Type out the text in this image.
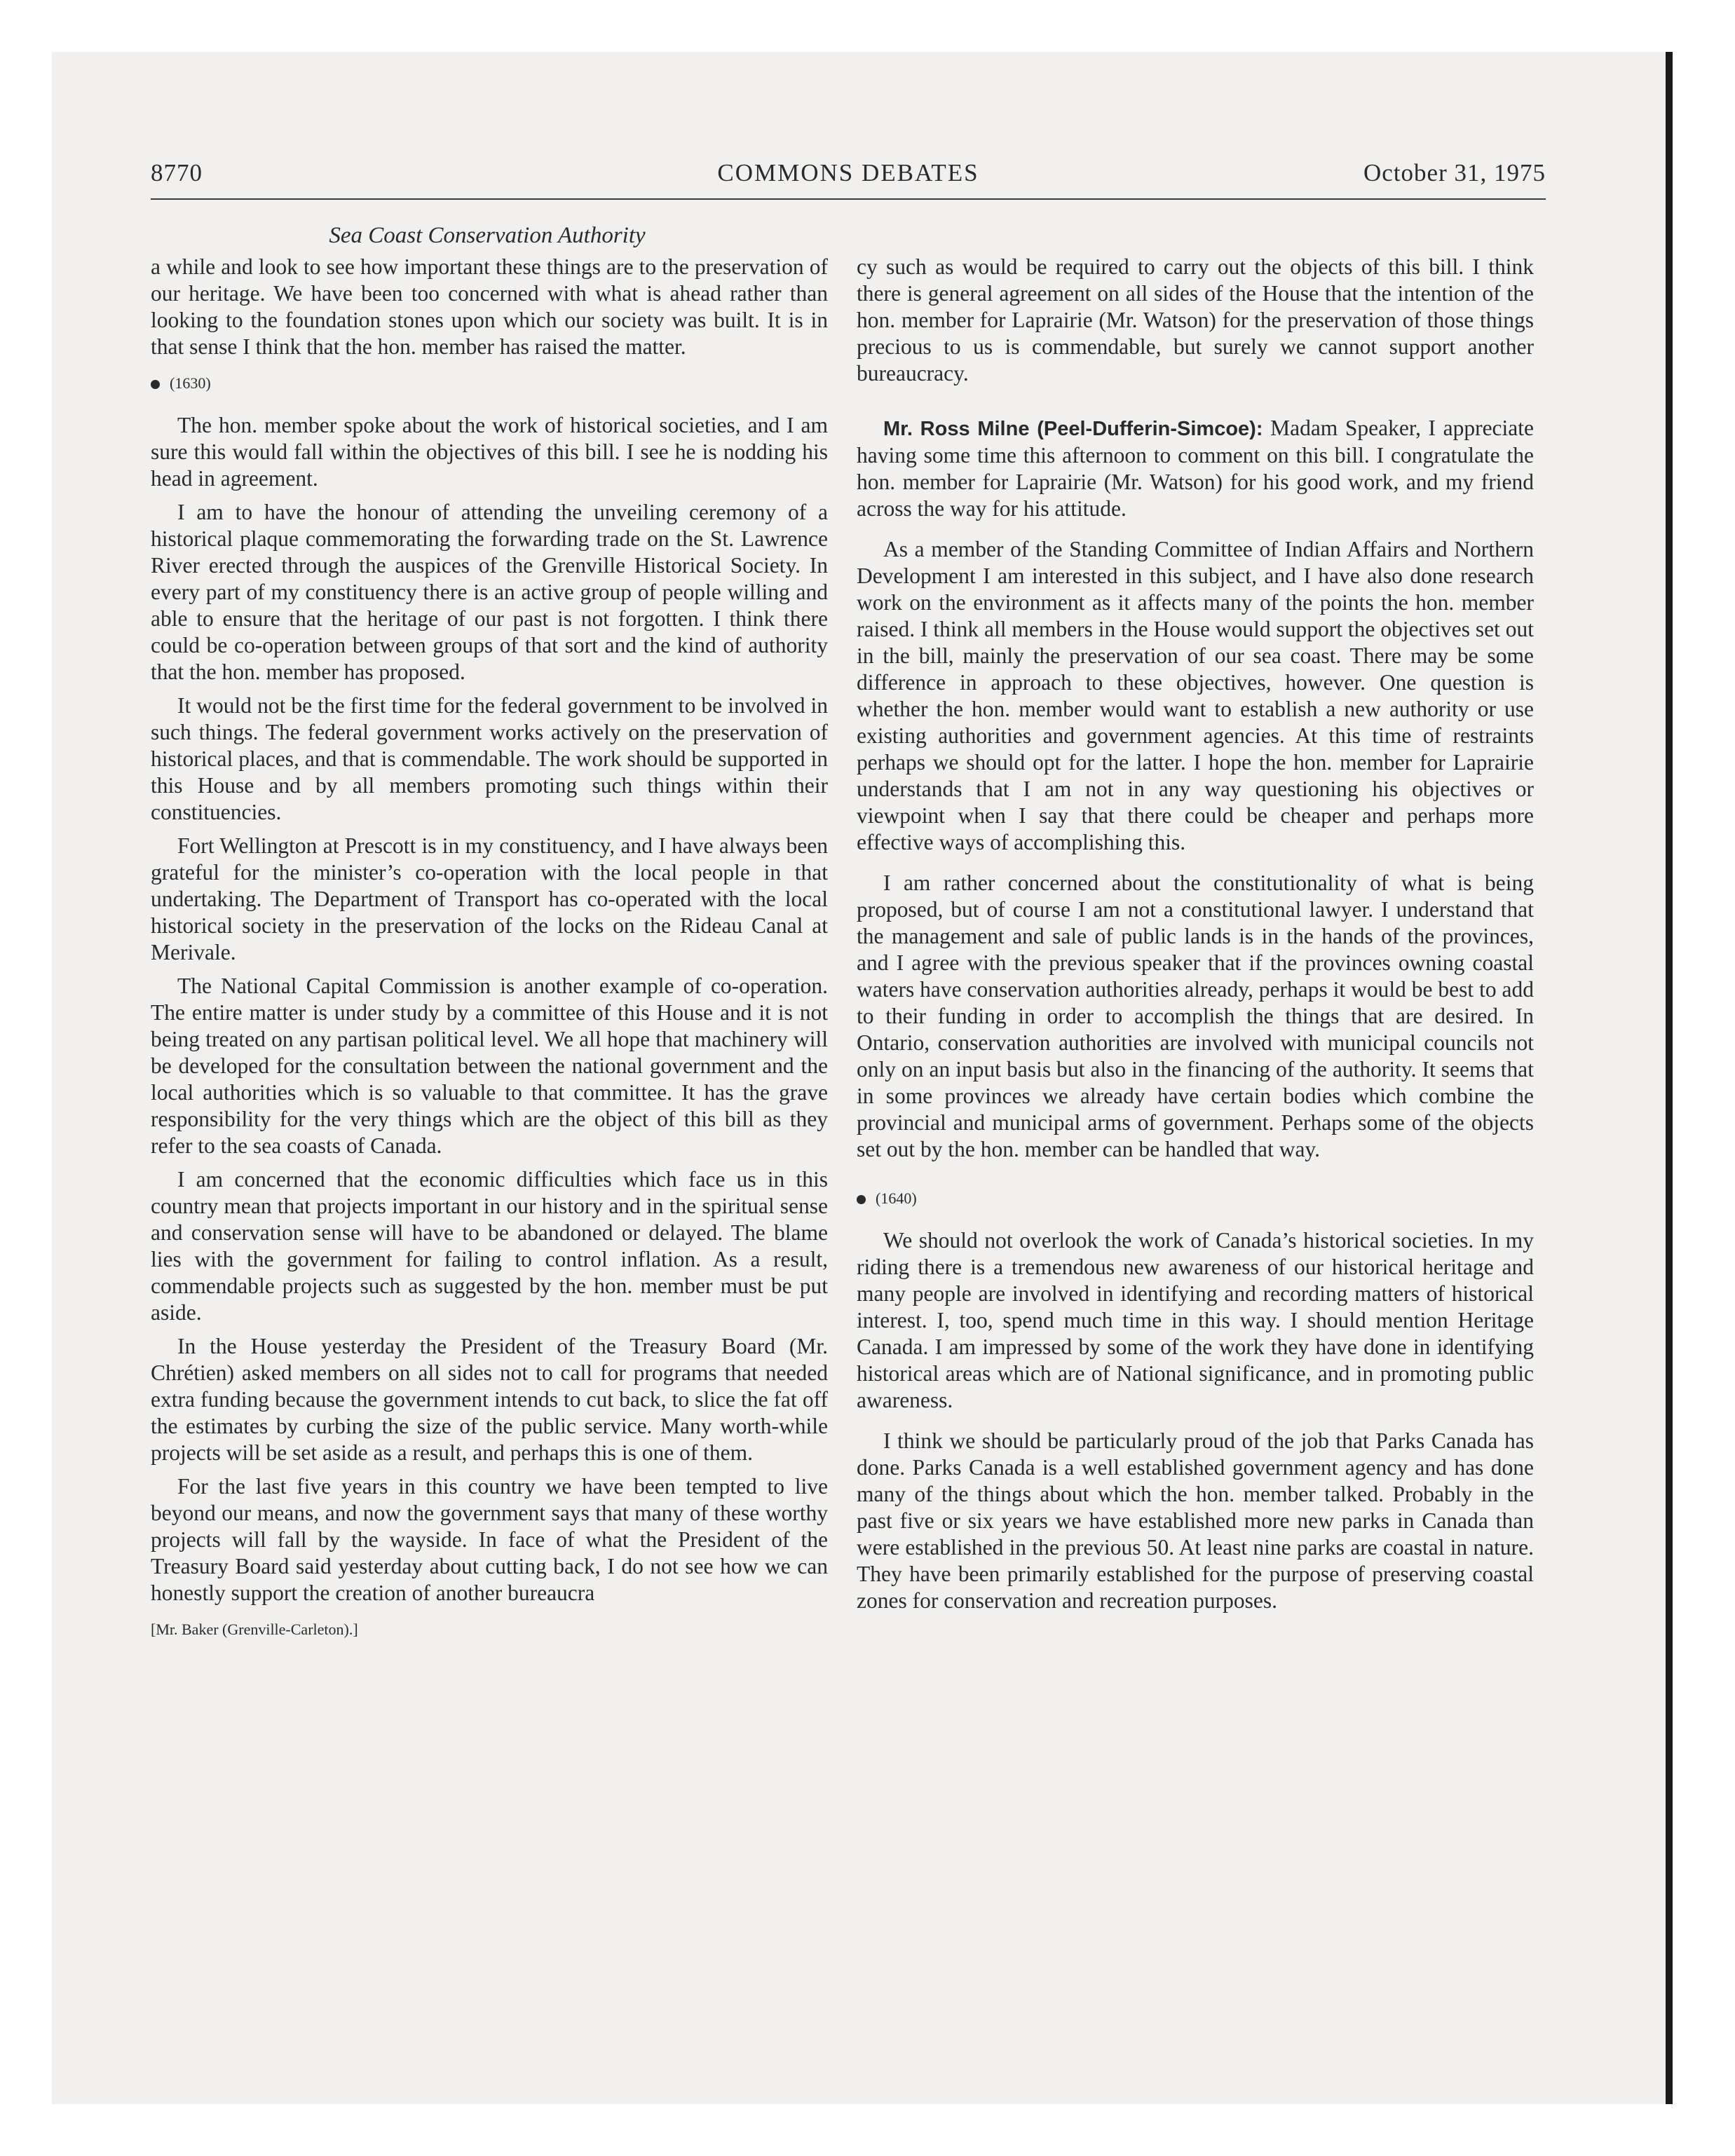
COMMONS DEBATES
8770	October 31, 1975
Sea Coast Conservation Authority

a while and look to see how important these things are to the preservation of our heritage. We have been too concerned with what is ahead rather than looking to the foundation stones upon which our society was built. It is in that sense I think that the hon. member has raised the matter.

(1630)

The hon. member spoke about the work of historical societies, and I am sure this would fall within the objectives of this bill. I see he is nodding his head in agreement.

I am to have the honour of attending the unveiling ceremony of a historical plaque commemorating the forwarding trade on the St. Lawrence River erected through the auspices of the Grenville Historical Society. In every part of my constituency there is an active group of people willing and able to ensure that the heritage of our past is not forgotten. I think there could be co-operation between groups of that sort and the kind of authority that the hon. member has proposed.

It would not be the first time for the federal government to be involved in such things. The federal government works actively on the preservation of historical places, and that is commendable. The work should be supported in this House and by all members promoting such things within their constituencies.

Fort Wellington at Prescott is in my constituency, and I have always been grateful for the minister’s co-operation with the local people in that undertaking. The Department of Transport has co-operated with the local historical society in the preservation of the locks on the Rideau Canal at Merivale.

The National Capital Commission is another example of co-operation. The entire matter is under study by a committee of this House and it is not being treated on any partisan political level. We all hope that machinery will be developed for the consultation between the national government and the local authorities which is so valuable to that committee. It has the grave responsibility for the very things which are the object of this bill as they refer to the sea coasts of Canada.

I am concerned that the economic difficulties which face us in this country mean that projects important in our history and in the spiritual sense and conservation sense will have to be abandoned or delayed. The blame lies with the government for failing to control inflation. As a result, commendable projects such as suggested by the hon. member must be put aside.

In the House yesterday the President of the Treasury Board (Mr. Chrétien) asked members on all sides not to call for programs that needed extra funding because the government intends to cut back, to slice the fat off the estimates by curbing the size of the public service. Many worth-while projects will be set aside as a result, and perhaps this is one of them.

For the last five years in this country we have been tempted to live beyond our means, and now the government says that many of these worthy projects will fall by the wayside. In face of what the President of the Treasury Board said yesterday about cutting back, I do not see how we can honestly support the creation of another bureaucra

[Mr. Baker (Grenville-Carleton).]

cy such as would be required to carry out the objects of this bill. I think there is general agreement on all sides of the House that the intention of the hon. member for Laprairie (Mr. Watson) for the preservation of those things precious to us is commendable, but surely we cannot support another bureaucracy.

Mr. Ross Milne (Peel-Dufferin-Simcoe): Madam Speaker, I appreciate having some time this afternoon to comment on this bill. I congratulate the hon. member for Laprairie (Mr. Watson) for his good work, and my friend across the way for his attitude.

As a member of the Standing Committee of Indian Affairs and Northern Development I am interested in this subject, and I have also done research work on the environment as it affects many of the points the hon. member raised. I think all members in the House would support the objectives set out in the bill, mainly the preservation of our sea coast. There may be some difference in approach to these objectives, however. One question is whether the hon. member would want to establish a new authority or use existing authorities and government agencies. At this time of restraints perhaps we should opt for the latter. I hope the hon. member for Laprairie understands that I am not in any way questioning his objectives or viewpoint when I say that there could be cheaper and perhaps more effective ways of accomplishing this.

I am rather concerned about the constitutionality of what is being proposed, but of course I am not a constitutional lawyer. I understand that the management and sale of public lands is in the hands of the provinces, and I agree with the previous speaker that if the provinces owning coastal waters have conservation authorities already, perhaps it would be best to add to their funding in order to accomplish the things that are desired. In Ontario, conservation authorities are involved with municipal councils not only on an input basis but also in the financing of the authority. It seems that in some provinces we already have certain bodies which combine the provincial and municipal arms of government. Perhaps some of the objects set out by the hon. member can be handled that way.

(1640)

We should not overlook the work of Canada’s historical societies. In my riding there is a tremendous new awareness of our historical heritage and many people are involved in identifying and recording matters of historical interest. I, too, spend much time in this way. I should mention Heritage Canada. I am impressed by some of the work they have done in identifying historical areas which are of National significance, and in promoting public awareness.

I think we should be particularly proud of the job that Parks Canada has done. Parks Canada is a well established government agency and has done many of the things about which the hon. member talked. Probably in the past five or six years we have established more new parks in Canada than were established in the previous 50. At least nine parks are coastal in nature. They have been primarily established for the purpose of preserving coastal zones for conservation and recreation purposes.
